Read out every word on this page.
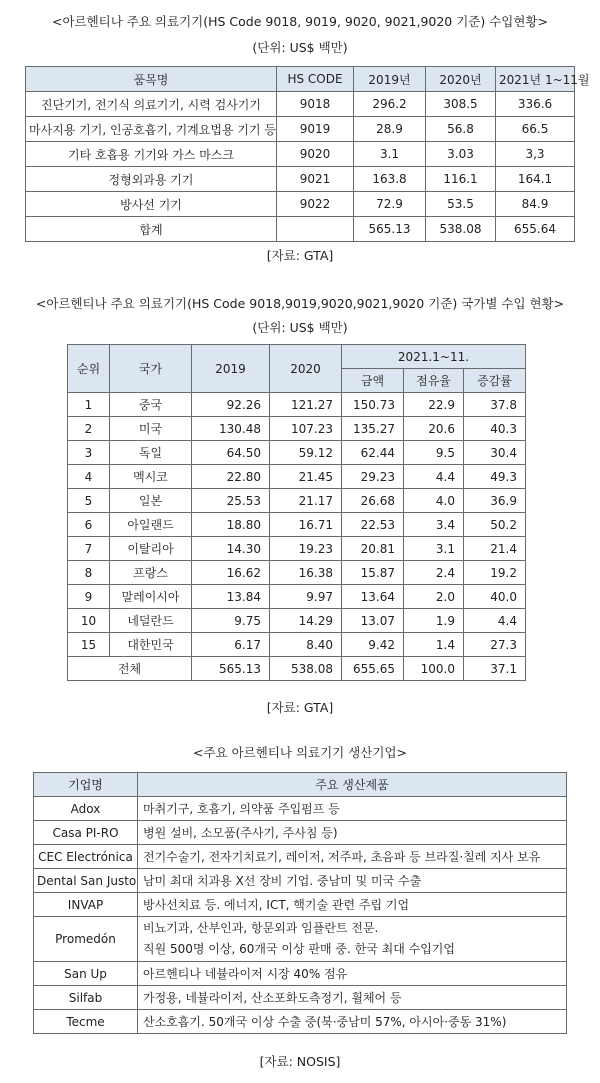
<아르헨티나 주요 의료기기(HS Code 9018, 9019, 9020, 9021,9020 기준) 수입현황>
(단위: US$ 백만)
품목명	HS CODE	2019년	2020년	2021년 1~11월
진단기기, 전기식 의료기기, 시력 검사기기	9018	296.2	308.5	336.6
마사지용 기기, 인공호흡기, 기계요법용 기기 등	9019	28.9	56.8	66.5
기타 호흡용 기기와 가스 마스크	9020	3.1	3.03	3,3
정형외과용 기기	9021	163.8	116.1	164.1
방사선 기기	9022	72.9	53.5	84.9
합계		565.13	538.08	655.64
[자료: GTA]
<아르헨티나 주요 의료기기(HS Code 9018,9019,9020,9021,9020 기준) 국가별 수입 현황>
(단위: US$ 백만)
순위	국가	2019	2020	2021.1~11.		
				금액	점유율	증감률
1	중국	92.26	121.27	150.73	22.9	37.8
2	미국	130.48	107.23	135.27	20.6	40.3
3	독일	64.50	59.12	62.44	9.5	30.4
4	멕시코	22.80	21.45	29.23	4.4	49.3
5	일본	25.53	21.17	26.68	4.0	36.9
6	아일랜드	18.80	16.71	22.53	3.4	50.2
7	이탈리아	14.30	19.23	20.81	3.1	21.4
8	프랑스	16.62	16.38	15.87	2.4	19.2
9	말레이시아	13.84	9.97	13.64	2.0	40.0
10	네덜란드	9.75	14.29	13.07	1.9	4.4
15	대한민국	6.17	8.40	9.42	1.4	27.3
전체		565.13	538.08	655.65	100.0	37.1
[자료: GTA]
<주요 아르헨티나 의료기기 생산기업>
기업명	주요 생산제품
Adox	마취기구, 호흡기, 의약품 주입펌프 등
Casa PI-RO	병원 설비, 소모품(주사기, 주사침 등)
CEC Electrónica	전기수술기, 전자기치료기, 레이저, 저주파, 초음파 등 브라질·칠레 지사 보유
Dental San Justo	남미 최대 치과용 X선 장비 기업. 중남미 및 미국 수출
INVAP	방사선치료 등. 에너지, ICT, 핵기술 관련 주립 기업
Promedón	비뇨기과, 산부인과, 항문외과 임플란트 전문.
직원 500명 이상, 60개국 이상 판매 중. 한국 최대 수입기업
San Up	아르헨티나 네뷸라이저 시장 40% 점유
Silfab	가정용, 네뷸라이저, 산소포화도측정기, 휠체어 등
Tecme	산소호흡기. 50개국 이상 수출 중(북·중남미 57%, 아시아·중동 31%)
[자료: NOSIS]
